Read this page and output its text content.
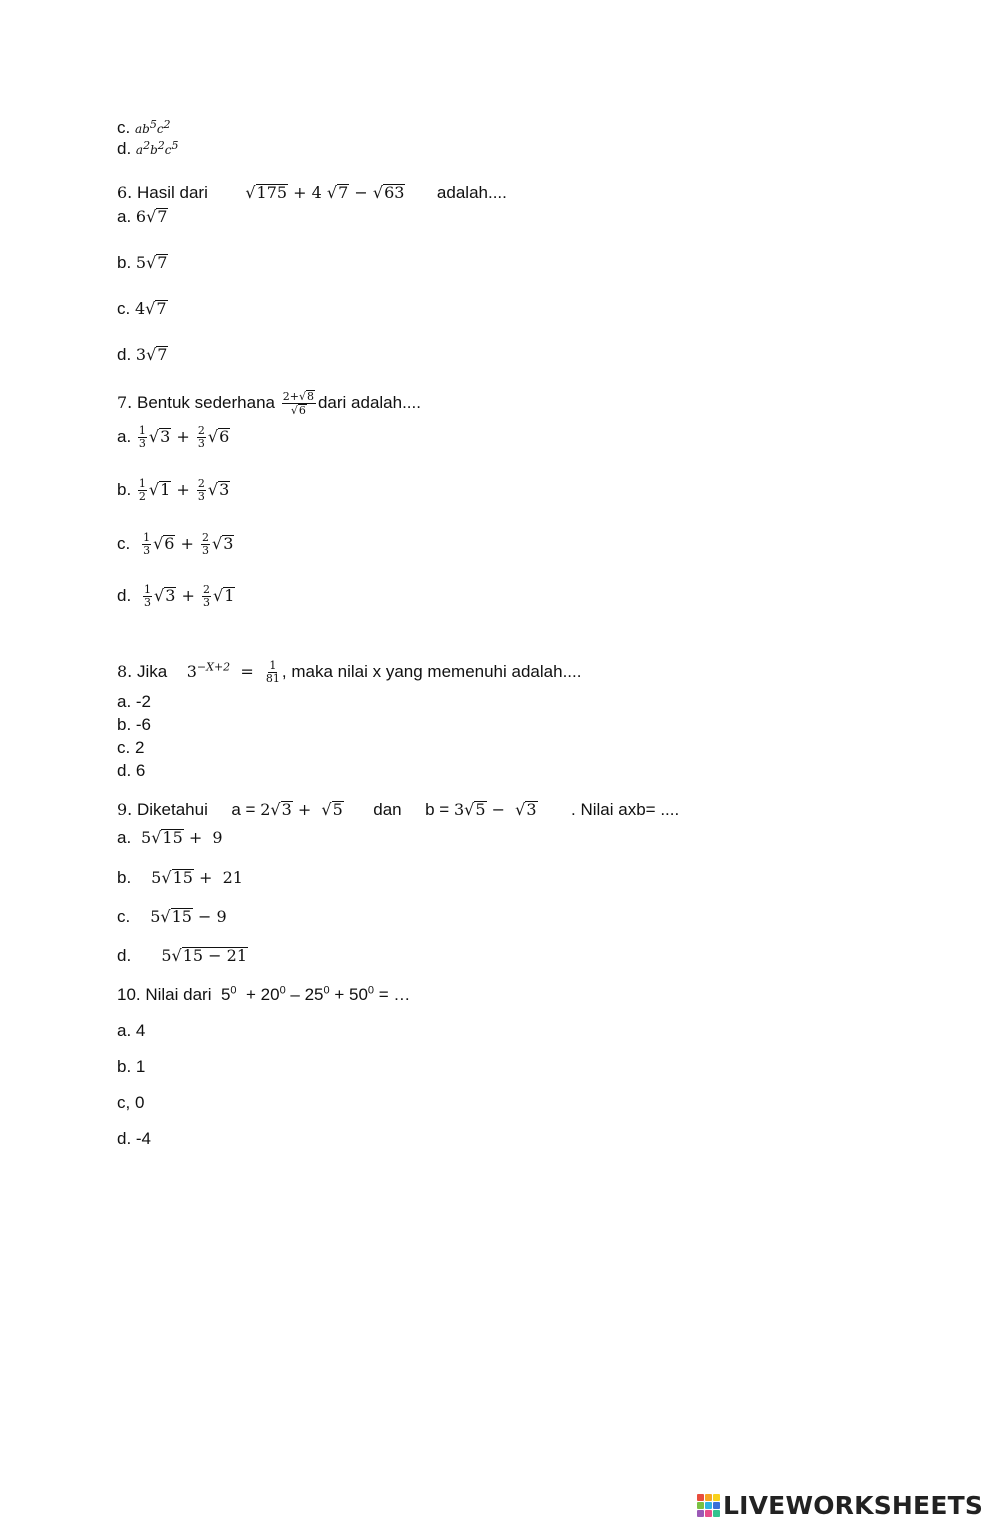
c. ab5c2
d. a2b2c5
6. Hasil dari √175 + 4 √7 − √63 adalah....
a. 6√7
b. 5√7
c. 4√7
d. 3√7
7. Bentuk sederhana $\frac{2+√8}{√6}$ dari adalah....
a. $\frac{1}{3} √3 + \frac{2}{3} √6$
b. $\frac{1}{2} √1 + \frac{2}{3} √3$
c. $\frac{1}{3} √6 + \frac{2}{3} √3$
d. $\frac{1}{3} √3 + \frac{2}{3} √1$
8. Jika $3^{-X+2} = \frac{1}{81}$ , maka nilai x yang memenuhi adalah....
a. -2
b. -6
c. 2
d. 6
9. Diketahui a = 2√3 +  √5 dan b = 3√5 −  √3 . Nilai axb= ....
a.  5√15 +  9
b.    5√15 +  21
c.    5√15 − 9
d.      5√15 − 21
10. Nilai dari  $5^0 + 20^0 - 25^0 + 50^0$ = …
a. 4
b. 1
c, 0
d. -4
LIVEWORKSHEETS
